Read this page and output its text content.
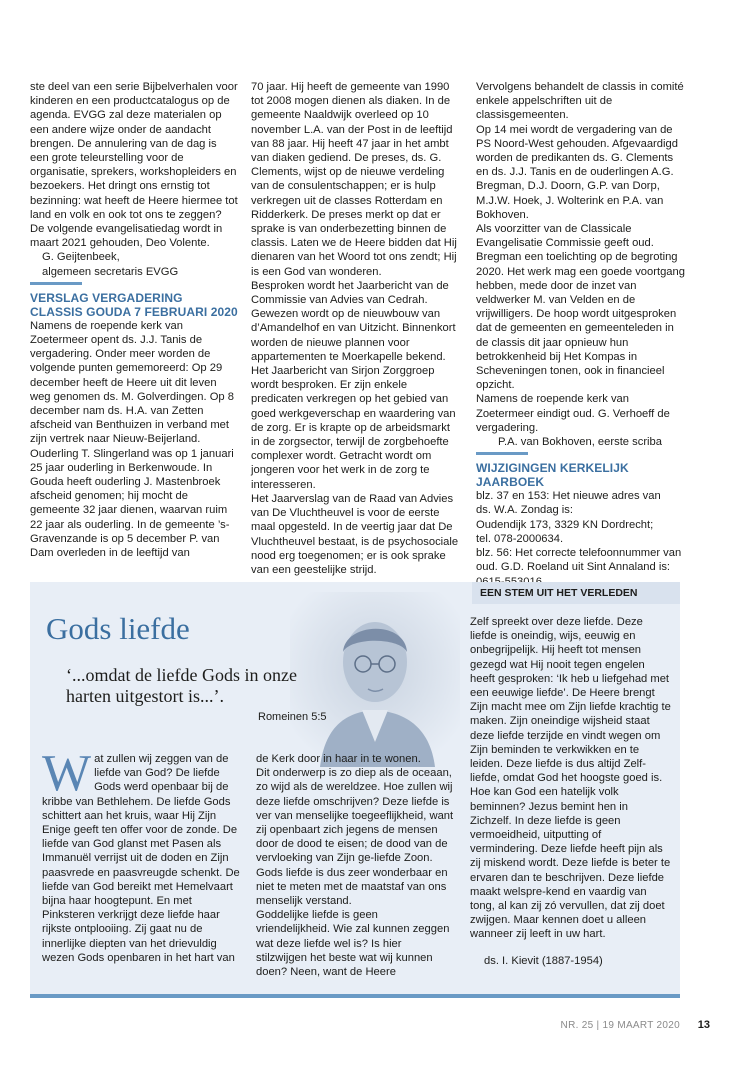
ste deel van een serie Bijbelverhalen voor kinderen en een productcatalogus op de agenda. EVGG zal deze materialen op een andere wijze onder de aandacht brengen. De annulering van de dag is een grote teleurstelling voor de organisatie, sprekers, workshopleiders en bezoekers. Het dringt ons ernstig tot bezinning: wat heeft de Heere hiermee tot land en volk en ook tot ons te zeggen? De volgende evangelisatiedag wordt in maart 2021 gehouden, Deo Volente.

G. Geijtenbeek,

algemeen secretaris EVGG

VERSLAG VERGADERING
CLASSIS GOUDA 7 FEBRUARI 2020

Namens de roepende kerk van Zoetermeer opent ds. J.J. Tanis de vergadering. Onder meer worden de volgende punten gememoreerd: Op 29 december heeft de Heere uit dit leven weg genomen ds. M. Golverdingen. Op 8 december nam ds. H.A. van Zetten afscheid van Benthuizen in verband met zijn vertrek naar Nieuw-Beijerland.

Ouderling T. Slingerland was op 1 januari 25 jaar ouderling in Berkenwoude. In Gouda heeft ouderling J. Mastenbroek afscheid genomen; hij mocht de gemeente 32 jaar dienen, waarvan ruim 22 jaar als ouderling. In de gemeente ’s-Gravenzande is op 5 december P. van Dam overleden in de leeftijd van

70 jaar. Hij heeft de gemeente van 1990 tot 2008 mogen dienen als diaken. In de gemeente Naaldwijk overleed op 10 november L.A. van der Post in de leeftijd van 88 jaar. Hij heeft 47 jaar in het ambt van diaken gediend. De preses, ds. G. Clements, wijst op de nieuwe verdeling van de consulentschappen; er is hulp verkregen uit de classes Rotterdam en Ridderkerk. De preses merkt op dat er sprake is van onderbezetting binnen de classis. Laten we de Heere bidden dat Hij dienaren van het Woord tot ons zendt; Hij is een God van wonderen.

Besproken wordt het Jaarbericht van de Commissie van Advies van Cedrah. Gewezen wordt op de nieuwbouw van d’Amandelhof en van Uitzicht. Binnenkort worden de nieuwe plannen voor appartementen te Moerkapelle bekend. Het Jaarbericht van Sirjon Zorggroep wordt besproken. Er zijn enkele predicaten verkregen op het gebied van goed werkgeverschap en waardering van de zorg. Er is krapte op de arbeidsmarkt in de zorgsector, terwijl de zorgbehoefte complexer wordt. Getracht wordt om jongeren voor het werk in de zorg te interesseren.

Het Jaarverslag van de Raad van Advies van De Vluchtheuvel is voor de eerste maal opgesteld. In de veertig jaar dat De Vluchtheuvel bestaat, is de psychosociale nood erg toegenomen; er is ook sprake van een geestelijke strijd.

Vervolgens behandelt de classis in comité enkele appelschriften uit de classisgemeenten.

Op 14 mei wordt de vergadering van de PS Noord-West gehouden. Afgevaardigd worden de predikanten ds. G. Clements en ds. J.J. Tanis en de ouderlingen A.G. Bregman, D.J. Doorn, G.P. van Dorp, M.J.W. Hoek, J. Wolterink en P.A. van Bokhoven.

Als voorzitter van de Classicale Evangelisatie Commissie geeft oud. Bregman een toelichting op de begroting 2020. Het werk mag een goede voortgang hebben, mede door de inzet van veldwerker M. van Velden en de vrijwilligers. De hoop wordt uitgesproken dat de gemeenten en gemeenteleden in de classis dit jaar opnieuw hun betrokkenheid bij Het Kompas in Scheveningen tonen, ook in financieel opzicht.

Namens de roepende kerk van Zoetermeer eindigt oud. G. Verhoeff de vergadering.

P.A. van Bokhoven, eerste scriba

WIJZIGINGEN KERKELIJK JAARBOEK

blz. 37 en 153: Het nieuwe adres van

ds. W.A. Zondag is:

Oudendijk 173, 3329 KN Dordrecht;

tel. 078-2000634.

blz. 56: Het correcte telefoonnummer van oud. G.D. Roeland uit Sint Annaland is:

EEN STEM UIT HET VERLEDEN
Gods liefde
‘...omdat de liefde Gods in onze
harten uitgestort is...’.
Romeinen 5:5
W at zullen wij zeggen van de liefde van God? De liefde Gods werd openbaar bij de kribbe van Bethlehem. De liefde Gods schittert aan het kruis, waar Hij Zijn Enige geeft ten offer voor de zonde. De liefde van God glanst met Pasen als Immanuël verrijst uit de doden en Zijn paasvrede en paasvreugde schenkt. De liefde van God bereikt met Hemelvaart bijna haar hoogtepunt. En met Pinksteren verkrijgt deze liefde haar rijkste ontplooiing. Zij gaat nu de innerlijke diepten van het drievuldig wezen Gods openbaren in het hart van

de Kerk door in haar in te wonen.

Dit onderwerp is zo diep als de oceaan, zo wijd als de wereldzee. Hoe zullen wij deze liefde omschrijven? Deze liefde is ver van menselijke toegeeflijkheid, want zij openbaart zich jegens de mensen door de dood te eisen; de dood van de vervloeking van Zijn ge-liefde Zoon. Gods liefde is dus zeer wonderbaar en niet te meten met de maatstaf van ons menselijk verstand.

Goddelijke liefde is geen vriendelijkheid. Wie zal kunnen zeggen wat deze liefde wel is? Is hier stilzwijgen het beste wat wij kunnen doen? Neen, want de Heere

Zelf spreekt over deze liefde. Deze liefde is oneindig, wijs, eeuwig en onbegrijpelijk. Hij heeft tot mensen gezegd wat Hij nooit tegen engelen heeft gesproken: ‘Ik heb u liefgehad met een eeuwige liefde’. De Heere brengt Zijn macht mee om Zijn liefde krachtig te maken. Zijn oneindige wijsheid staat deze liefde terzijde en vindt wegen om Zijn beminden te verkwikken en te leiden. Deze liefde is dus altijd Zelf-liefde, omdat God het hoogste goed is.

Hoe kan God een hatelijk volk beminnen? Jezus bemint hen in Zichzelf. In deze liefde is geen vermoeidheid, uitputting of vermindering. Deze liefde heeft pijn als zij miskend wordt. Deze liefde is beter te ervaren dan te beschrijven. Deze liefde maakt welspre-kend en vaardig van tong, al kan zij zó vervullen, dat zij doet zwijgen. Maar kennen doet u alleen wanneer zij leeft in uw hart.

ds. I. Kievit (1887-1954)

NR. 25 | 19 MAART 2020 13
